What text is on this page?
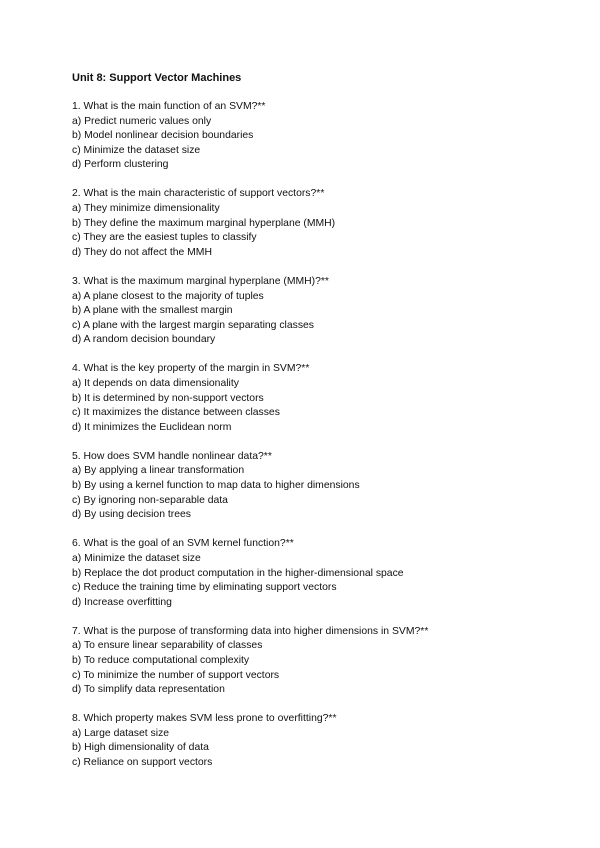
Unit 8: Support Vector Machines
1. What is the main function of an SVM?**
a) Predict numeric values only
b) Model nonlinear decision boundaries
c) Minimize the dataset size
d) Perform clustering
2. What is the main characteristic of support vectors?**
a) They minimize dimensionality
b) They define the maximum marginal hyperplane (MMH)
c) They are the easiest tuples to classify
d) They do not affect the MMH
3. What is the maximum marginal hyperplane (MMH)?**
a) A plane closest to the majority of tuples
b) A plane with the smallest margin
c) A plane with the largest margin separating classes
d) A random decision boundary
4. What is the key property of the margin in SVM?**
a) It depends on data dimensionality
b) It is determined by non-support vectors
c) It maximizes the distance between classes
d) It minimizes the Euclidean norm
5. How does SVM handle nonlinear data?**
a) By applying a linear transformation
b) By using a kernel function to map data to higher dimensions
c) By ignoring non-separable data
d) By using decision trees
6. What is the goal of an SVM kernel function?**
a) Minimize the dataset size
b) Replace the dot product computation in the higher-dimensional space
c) Reduce the training time by eliminating support vectors
d) Increase overfitting
7. What is the purpose of transforming data into higher dimensions in SVM?**
a) To ensure linear separability of classes
b) To reduce computational complexity
c) To minimize the number of support vectors
d) To simplify data representation
8. Which property makes SVM less prone to overfitting?**
a) Large dataset size
b) High dimensionality of data
c) Reliance on support vectors
